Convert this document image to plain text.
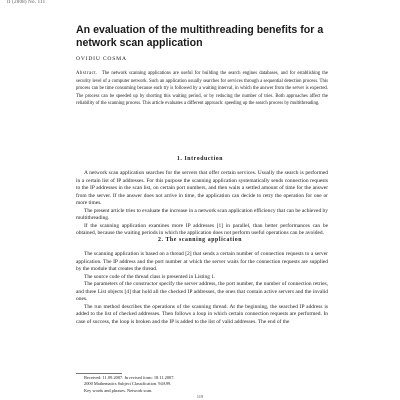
II (2008) No. 111
An evaluation of the multithreading benefits for a network scan application
OVIDIU COSMA

Abstract. The network scanning applications are useful for building the search engines databases, and for establishing the security level of a computer network. Such an application usually searches for services through a sequential detection process. This process can be time consuming because each try is followed by a waiting interval, in which the answer from the server is expected. The process can be speeded up by shorting this waiting period, or by reducing the number of tries. Both approaches affect the reliability of the scanning process. This article evaluates a different approach: speeding up the search process by multithreading.

1. Introduction

A network scan application searches for the servers that offer certain services. Usually the search is performed in a certain list of IP addresses. For this purpose the scanning application systematically sends connection requests to the IP addresses in the scan list, on certain port numbers, and then waits a settled amount of time for the answer from the server. If the answer does not arrive in time, the application can decide to retry the operation for one or more times.

The present article tries to evaluate the increase in a network scan application efficiency that can be achieved by multithreading.

If the scanning application examines more IP addresses [1] in parallel, than better performances can be obtained, because the waiting periods in which the application does not perform useful operations can be avoided.

2. The scanning application

The scanning application is based on a thread [2] that sends a certain number of connection requests to a server application. The IP address and the port number at which the server waits for the connection requests are supplied by the module that creates the thread.

The source code of the thread class is presented in Listing 1.

The parameters of the constructor specify the server address, the port number, the number of connection retries, and three List objects [4] that hold all the checked IP addresses, the ones that contain active servers and the invalid ones.

The run method describes the operations of the scanning thread. At the beginning, the searched IP address is added to the list of checked addresses. Then follows a loop in which certain connection requests are performed. In case of success, the loop is broken and the IP is added to the list of valid addresses. The end of the

Received: 11.09.2007. In revised form: 18.11.2007.
2000 Mathematics Subject Classification. 94A99.
Key words and phrases. Network scan.
119
